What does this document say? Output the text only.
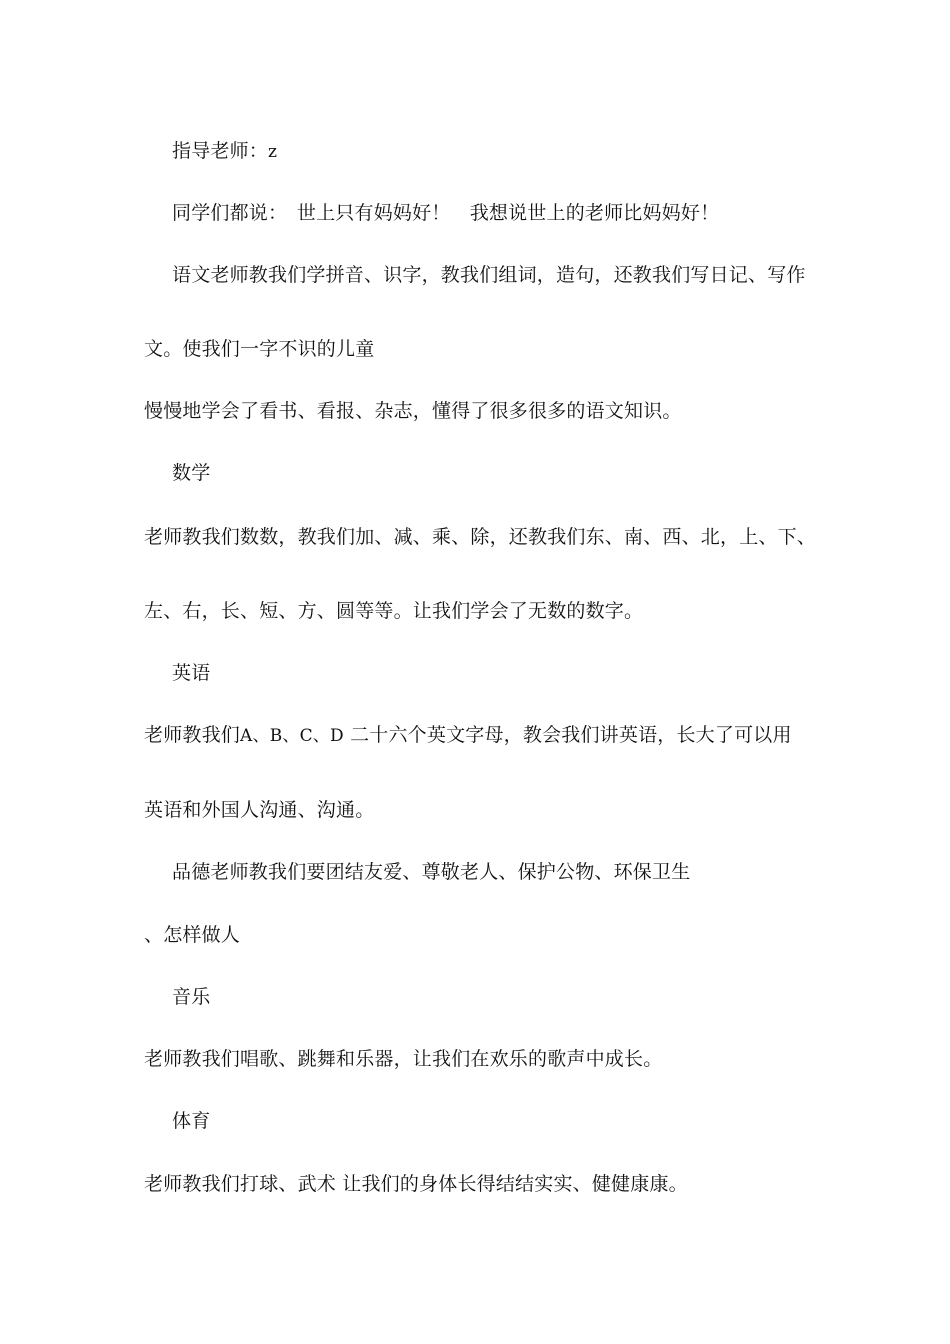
指导老师：z

同学们都说：　世上只有妈妈好！　我想说世上的老师比妈妈好！

语文老师教我们学拼音、识字，教我们组词，造句，还教我们写日记、写作

文。使我们一字不识的儿童

慢慢地学会了看书、看报、杂志，懂得了很多很多的语文知识。

数学

老师教我们数数，教我们加、减、乘、除，还教我们东、南、西、北，上、下、

左、右，长、短、方、圆等等。让我们学会了无数的数字。

英语

老师教我们A、B、C、D 二十六个英文字母，教会我们讲英语，长大了可以用

英语和外国人沟通、沟通。

品德老师教我们要团结友爱、尊敬老人、保护公物、环保卫生

、怎样做人

音乐

老师教我们唱歌、跳舞和乐器，让我们在欢乐的歌声中成长。

体育

老师教我们打球、武术 让我们的身体长得结结实实、健健康康。
